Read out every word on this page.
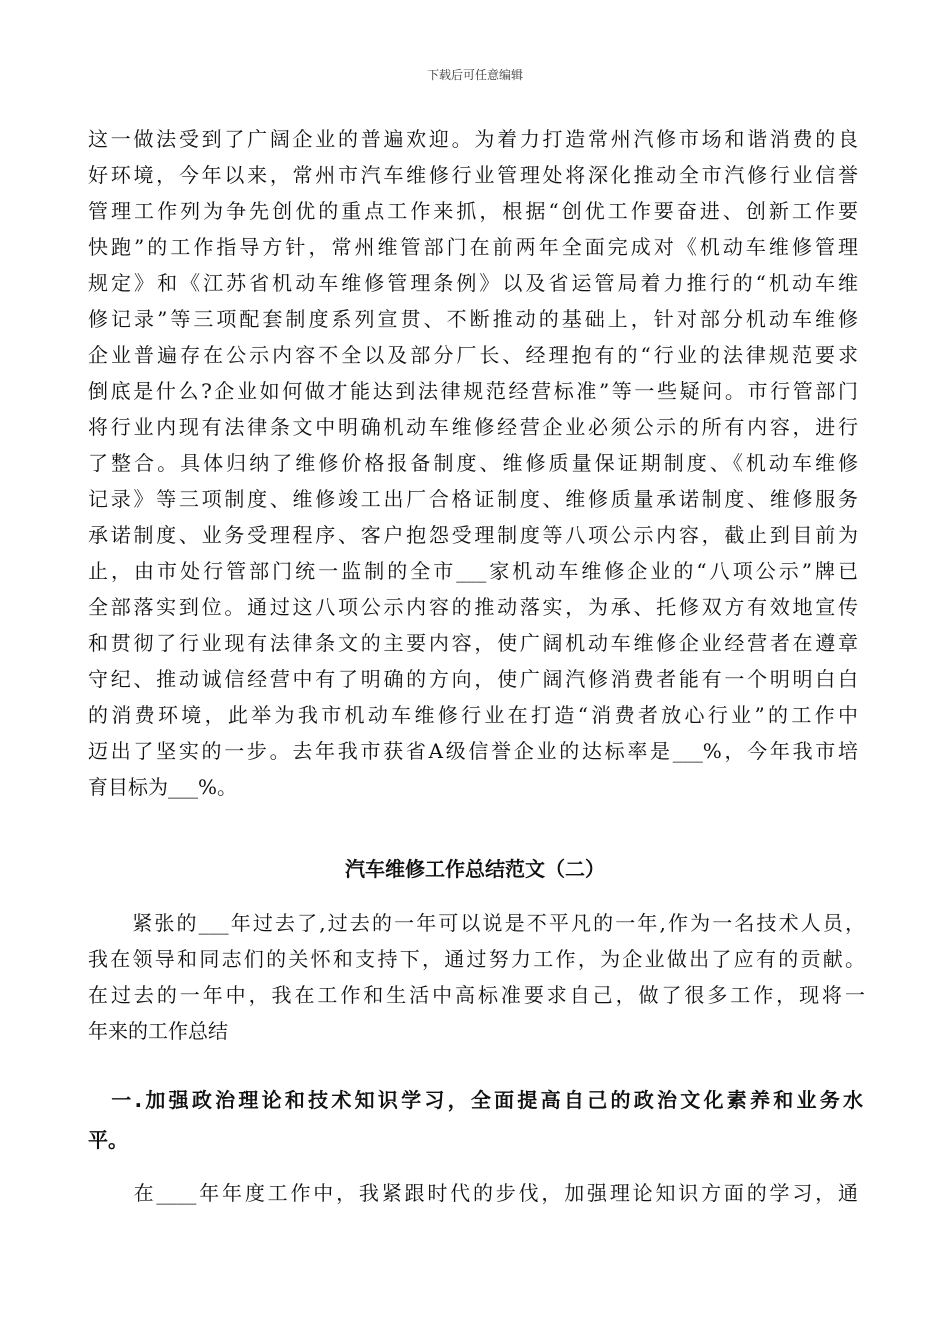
下载后可任意编辑
这一做法受到了广阔企业的普遍欢迎。为着力打造常州汽修市场和谐消费的良
好环境，今年以来，常州市汽车维修行业管理处将深化推动全市汽修行业信誉
管理工作列为争先创优的重点工作来抓，根据“创优工作要奋进、创新工作要
快跑”的工作指导方针，常州维管部门在前两年全面完成对《机动车维修管理
规定》和《江苏省机动车维修管理条例》以及省运管局着力推行的“机动车维
修记录”等三项配套制度系列宣贯、不断推动的基础上，针对部分机动车维修
企业普遍存在公示内容不全以及部分厂长、经理抱有的“行业的法律规范要求
倒底是什么?企业如何做才能达到法律规范经营标准”等一些疑问。市行管部门
将行业内现有法律条文中明确机动车维修经营企业必须公示的所有内容，进行
了整合。具体归纳了维修价格报备制度、维修质量保证期制度、《机动车维修
记录》等三项制度、维修竣工出厂合格证制度、维修质量承诺制度、维修服务
承诺制度、业务受理程序、客户抱怨受理制度等八项公示内容，截止到目前为
止，由市处行管部门统一监制的全市___家机动车维修企业的“八项公示”牌已
全部落实到位。通过这八项公示内容的推动落实，为承、托修双方有效地宣传
和贯彻了行业现有法律条文的主要内容，使广阔机动车维修企业经营者在遵章
守纪、推动诚信经营中有了明确的方向，使广阔汽修消费者能有一个明明白白
的消费环境，此举为我市机动车维修行业在打造“消费者放心行业”的工作中
迈出了坚实的一步。去年我市获省A级信誉企业的达标率是___%，今年我市培
育目标为___%。
汽车维修工作总结范文（二）
　　紧张的___年过去了,过去的一年可以说是不平凡的一年,作为一名技术人员，
我在领导和同志们的关怀和支持下，通过努力工作，为企业做出了应有的贡献。
在过去的一年中，我在工作和生活中高标准要求自己，做了很多工作，现将一
年来的工作总结
　一.加强政治理论和技术知识学习，全面提高自己的政治文化素养和业务水
平。
　　在____年年度工作中，我紧跟时代的步伐，加强理论知识方面的学习，通
